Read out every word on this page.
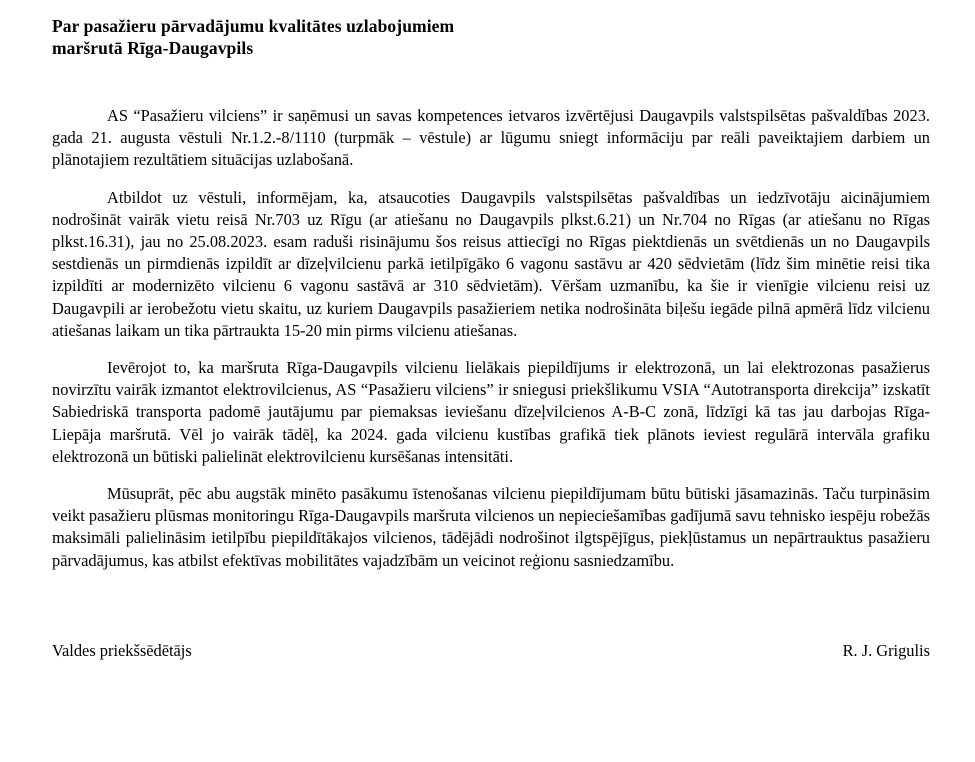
Par pasažieru pārvadājumu kvalitātes uzlabojumiem
maršrutā Rīga-Daugavpils

AS “Pasažieru vilciens” ir saņēmusi un savas kompetences ietvaros izvērtējusi Daugavpils valstspilsētas pašvaldības 2023. gada 21. augusta vēstuli Nr.1.2.-8/1110 (turpmāk – vēstule) ar lūgumu sniegt informāciju par reāli paveiktajiem darbiem un plānotajiem rezultātiem situācijas uzlabošanā.

Atbildot uz vēstuli, informējam, ka, atsaucoties Daugavpils valstspilsētas pašvaldības un iedzīvotāju aicinājumiem nodrošināt vairāk vietu reisā Nr.703 uz Rīgu (ar atiešanu no Daugavpils plkst.6.21) un Nr.704 no Rīgas (ar atiešanu no Rīgas plkst.16.31), jau no 25.08.2023. esam raduši risinājumu šos reisus attiecīgi no Rīgas piektdienās un svētdienās un no Daugavpils sestdienās un pirmdienās izpildīt ar dīzeļvilcienu parkā ietilpīgāko 6 vagonu sastāvu ar 420 sēdvietām (līdz šim minētie reisi tika izpildīti ar modernizēto vilcienu 6 vagonu sastāvā ar 310 sēdvietām). Vēršam uzmanību, ka šie ir vienīgie vilcienu reisi uz Daugavpili ar ierobežotu vietu skaitu, uz kuriem Daugavpils pasažieriem netika nodrošināta biļešu iegāde pilnā apmērā līdz vilcienu atiešanas laikam un tika pārtraukta 15-20 min pirms vilcienu atiešanas.

Ievērojot to, ka maršruta Rīga-Daugavpils vilcienu lielākais piepildījums ir elektrozonā, un lai elektrozonas pasažierus novirzītu vairāk izmantot elektrovilcienus, AS “Pasažieru vilciens” ir sniegusi priekšlikumu VSIA “Autotransporta direkcija” izskatīt Sabiedriskā transporta padomē jautājumu par piemaksas ieviešanu dīzeļvilcienos A-B-C zonā, līdzīgi kā tas jau darbojas Rīga-Liepāja maršrutā. Vēl jo vairāk tādēļ, ka 2024. gada vilcienu kustības grafikā tiek plānots ieviest regulārā intervāla grafiku elektrozonā un būtiski palielināt elektrovilcienu kursēšanas intensitāti.

Mūsuprāt, pēc abu augstāk minēto pasākumu īstenošanas vilcienu piepildījumam būtu būtiski jāsamazinās. Taču turpināsim veikt pasažieru plūsmas monitoringu Rīga-Daugavpils maršruta vilcienos un nepieciešamības gadījumā savu tehnisko iespēju robežās maksimāli palielināsim ietilpību piepildītākajos vilcienos, tādējādi nodrošinot ilgtspējīgus, piekļūstamus un nepārtrauktus pasažieru pārvadājumus, kas atbilst efektīvas mobilitātes vajadzībām un veicinot reģionu sasniedzamību.

Valdes priekšsēdētājs	R. J. Grigulis
